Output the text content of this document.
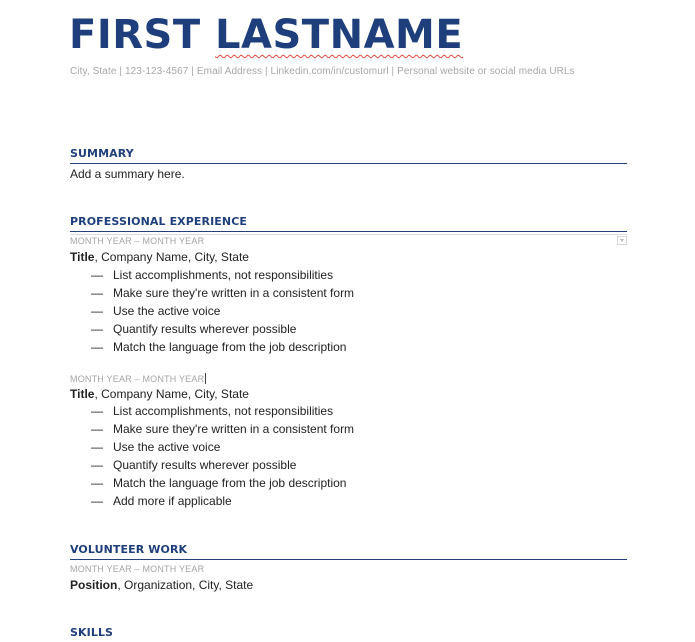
FIRST LASTNAME
City, State | 123-123-4567 | Email Address | Linkedin.com/in/customurl | Personal website or social media URLs
SUMMARY
Add a summary here.
PROFESSIONAL EXPERIENCE
MONTH YEAR – MONTH YEAR
Title, Company Name, City, State
— List accomplishments, not responsibilities
— Make sure they're written in a consistent form
— Use the active voice
— Quantify results wherever possible
— Match the language from the job description
MONTH YEAR – MONTH YEAR
Title, Company Name, City, State
— List accomplishments, not responsibilities
— Make sure they're written in a consistent form
— Use the active voice
— Quantify results wherever possible
— Match the language from the job description
— Add more if applicable
VOLUNTEER WORK
MONTH YEAR – MONTH YEAR
Position, Organization, City, State
SKILLS
